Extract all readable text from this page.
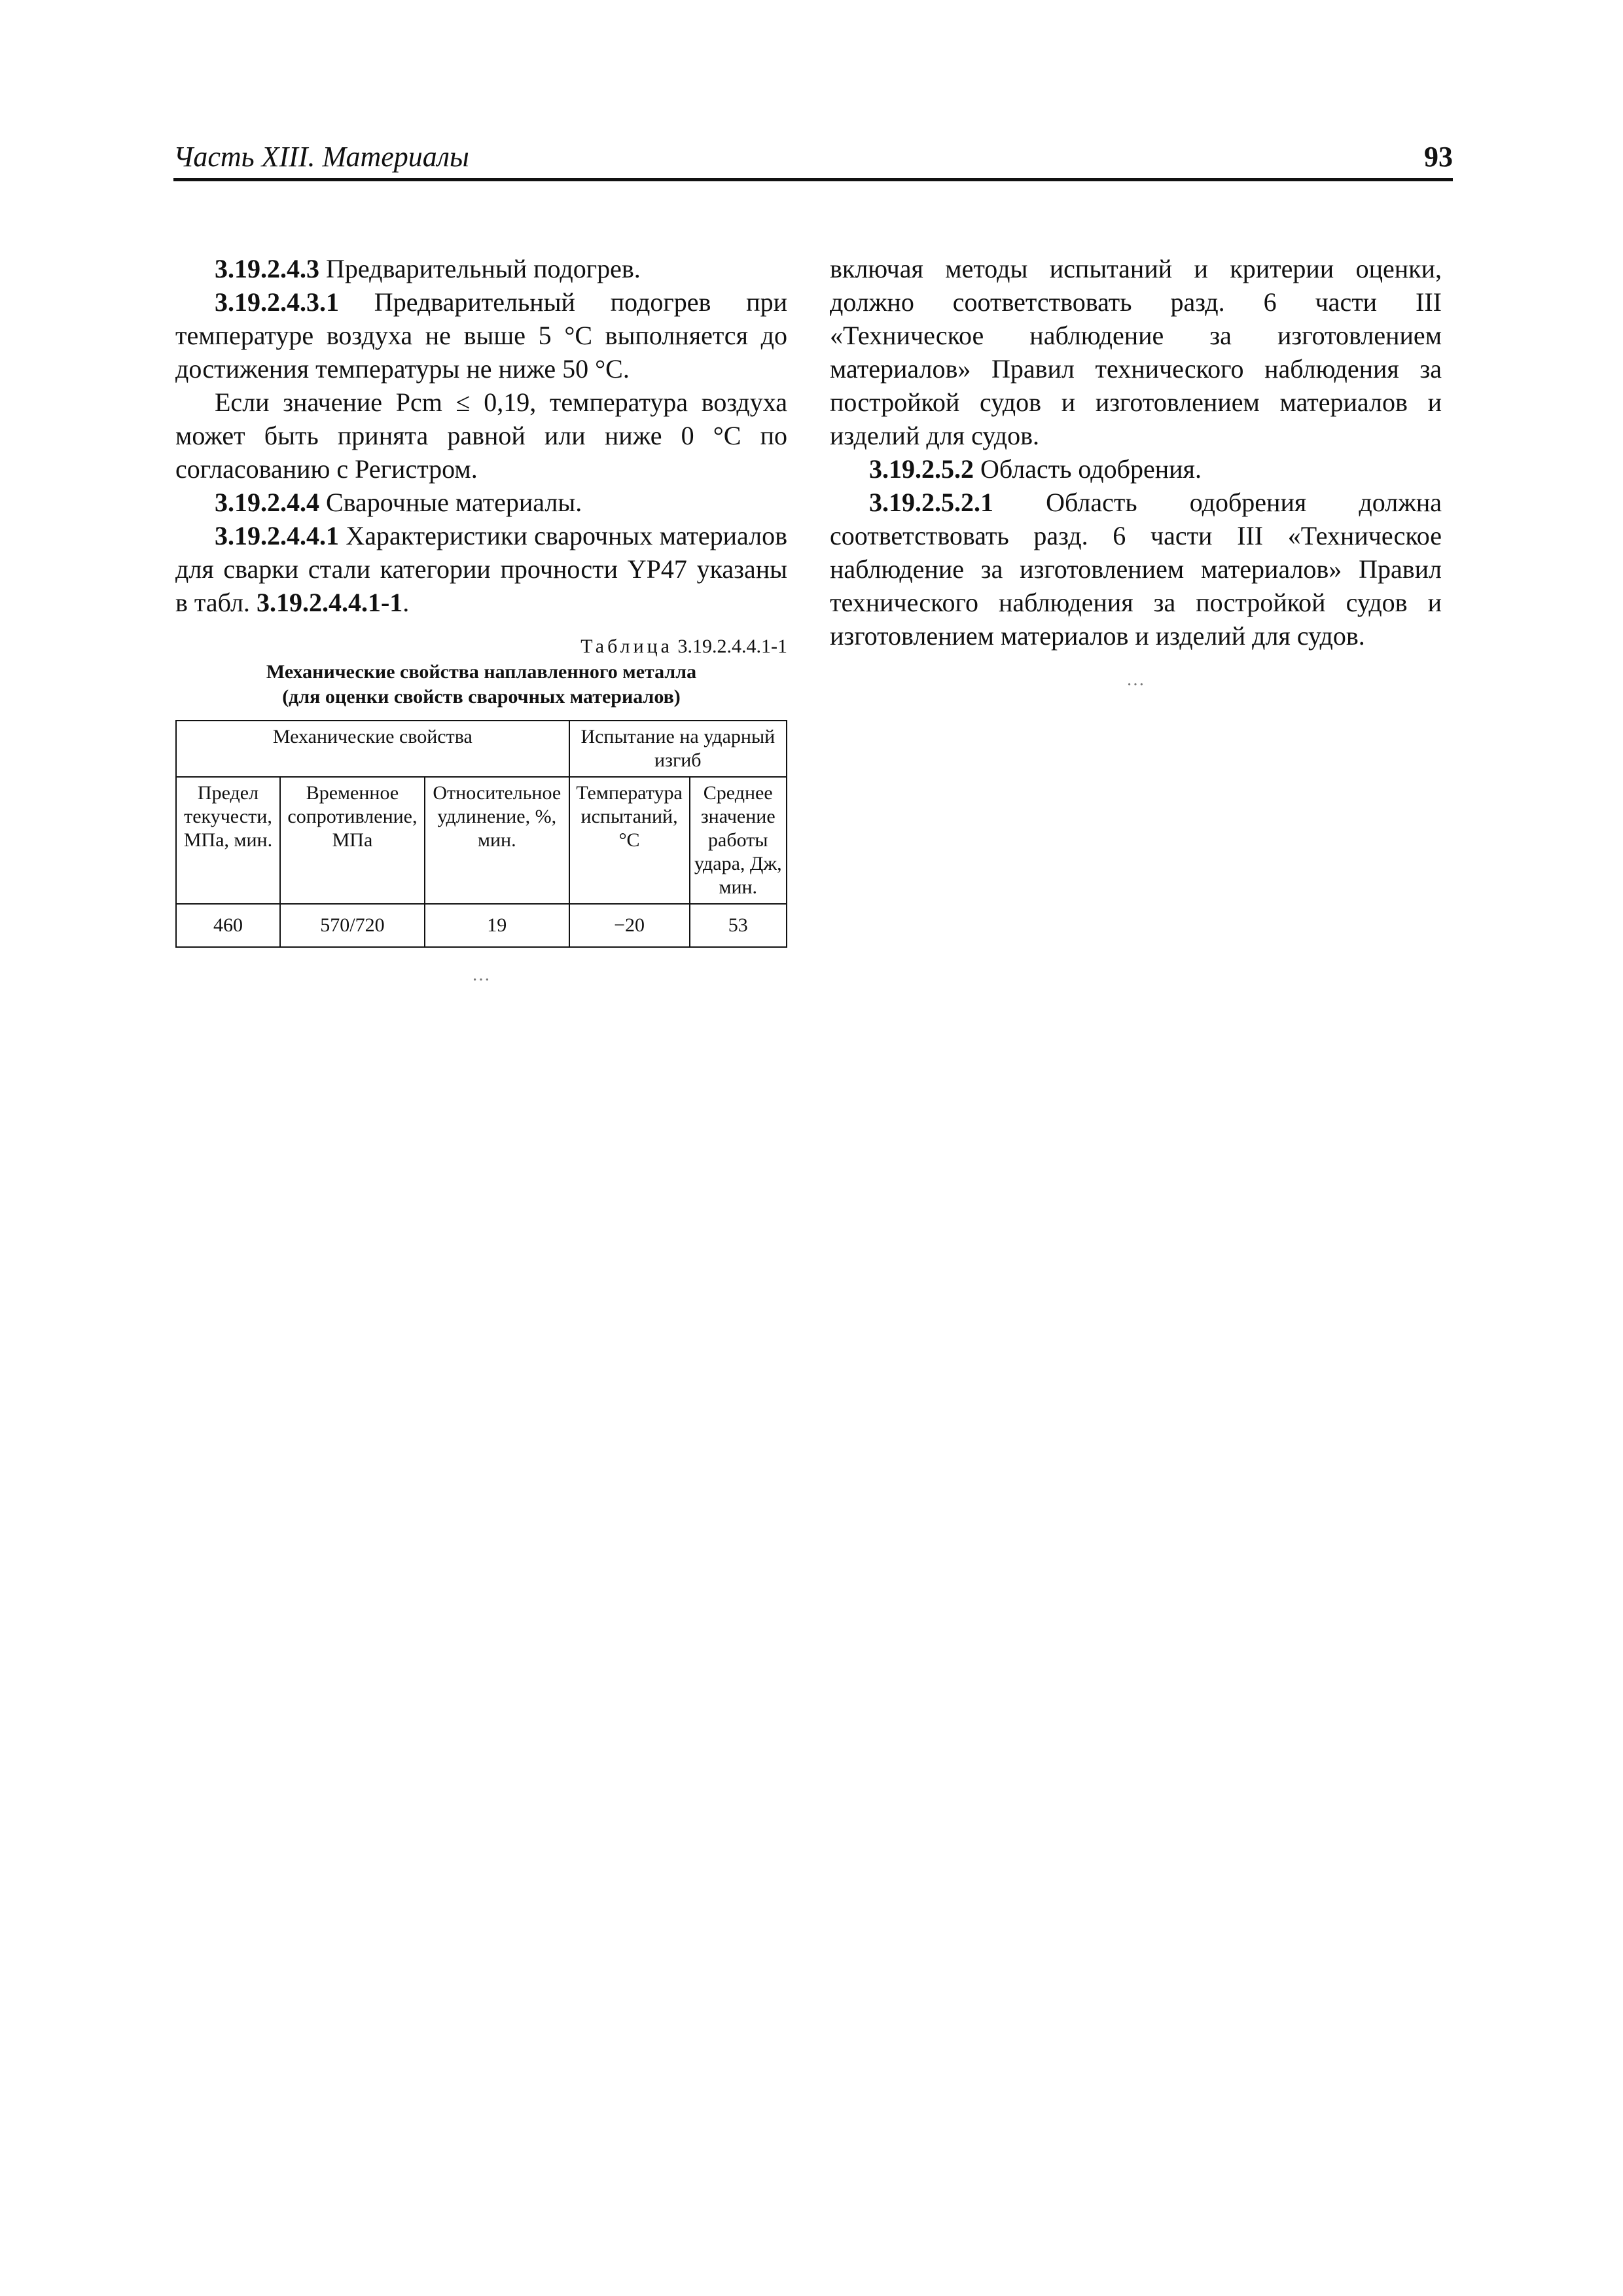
Часть XIII. Материалы	93

3.19.2.4.3 Предварительный подогрев.

3.19.2.4.3.1 Предварительный подогрев при температуре воздуха не выше 5 °C выполняется до достижения температуры не ниже 50 °C.

Если значение Pcm ≤ 0,19, температура воздуха может быть принята равной или ниже 0 °C по согласованию с Регистром.

3.19.2.4.4 Сварочные материалы.

3.19.2.4.4.1 Характеристики сварочных материалов для сварки стали категории прочности YP47 указаны в табл. 3.19.2.4.4.1-1.

Таблица 3.19.2.4.4.1-1
Механические свойства наплавленного металла
(для оценки свойств сварочных материалов)
Механические свойства			Испытание на ударный изгиб	
Предел текучести, МПа, мин.	Временное сопротивление, МПа	Относительное удлинение, %, мин.	Температура испытаний, °C	Среднее значение работы удара, Дж, мин.
460	570/720	19	−20	53
…

включая методы испытаний и критерии оценки, должно соответствовать разд. 6 части III «Техническое наблюдение за изготовлением материалов» Правил технического наблюдения за постройкой судов и изготовлением материалов и изделий для судов.

3.19.2.5.2 Область одобрения.

3.19.2.5.2.1 Область одобрения должна соответствовать разд. 6 части III «Техническое наблюдение за изготовлением материалов» Правил технического наблюдения за постройкой судов и изготовлением материалов и изделий для судов.

…
